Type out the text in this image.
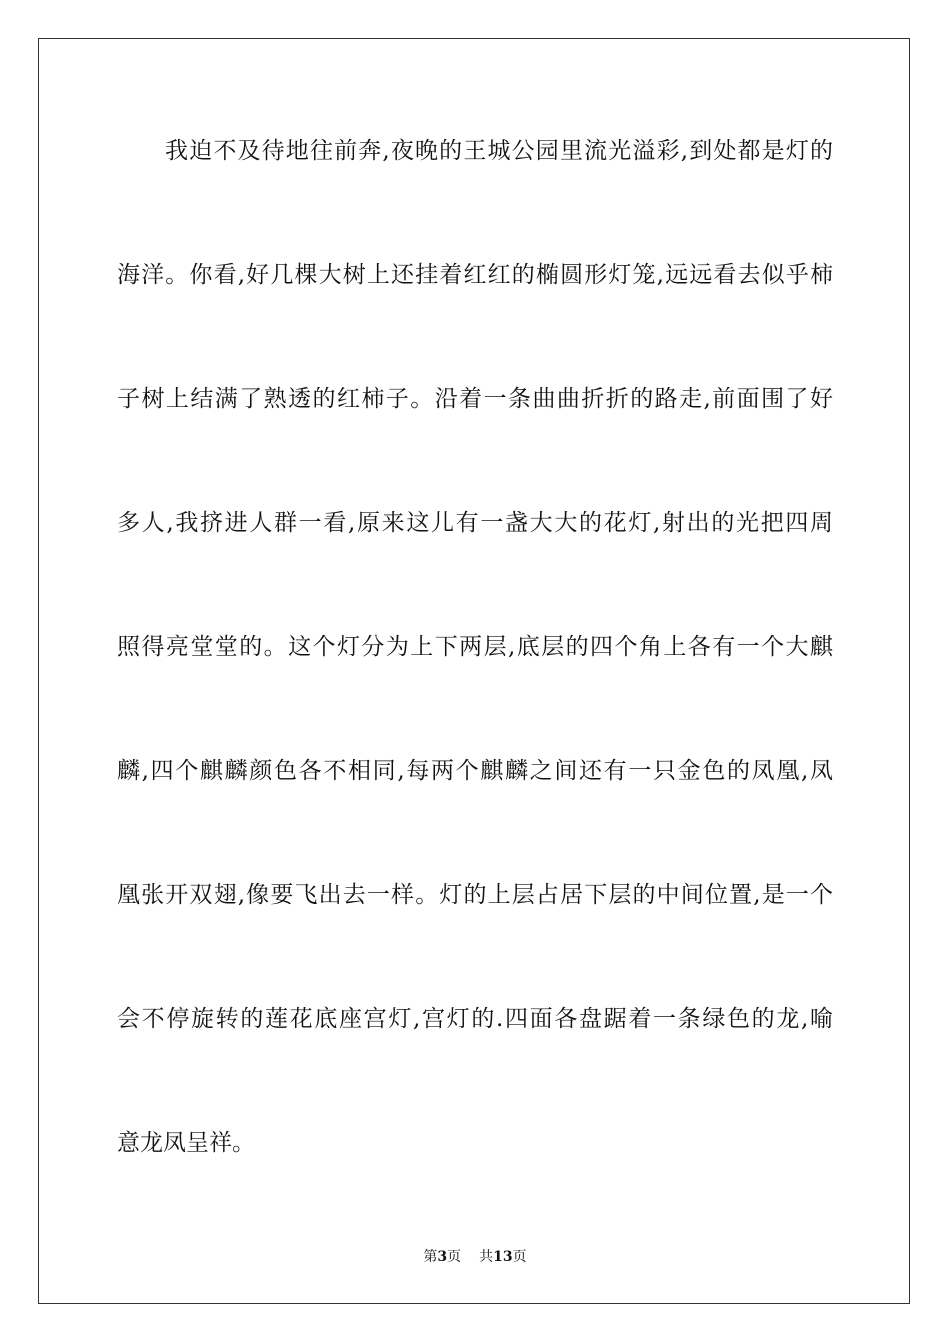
我迫不及待地往前奔,夜晚的王城公园里流光溢彩,到处都是灯的
海洋。你看,好几棵大树上还挂着红红的椭圆形灯笼,远远看去似乎柿
子树上结满了熟透的红柿子。沿着一条曲曲折折的路走,前面围了好
多人,我挤进人群一看,原来这儿有一盏大大的花灯,射出的光把四周
照得亮堂堂的。这个灯分为上下两层,底层的四个角上各有一个大麒
麟,四个麒麟颜色各不相同,每两个麒麟之间还有一只金色的凤凰,凤
凰张开双翅,像要飞出去一样。灯的上层占居下层的中间位置,是一个
会不停旋转的莲花底座宫灯,宫灯的.四面各盘踞着一条绿色的龙,喻
意龙凤呈祥。
第3页 共13页
